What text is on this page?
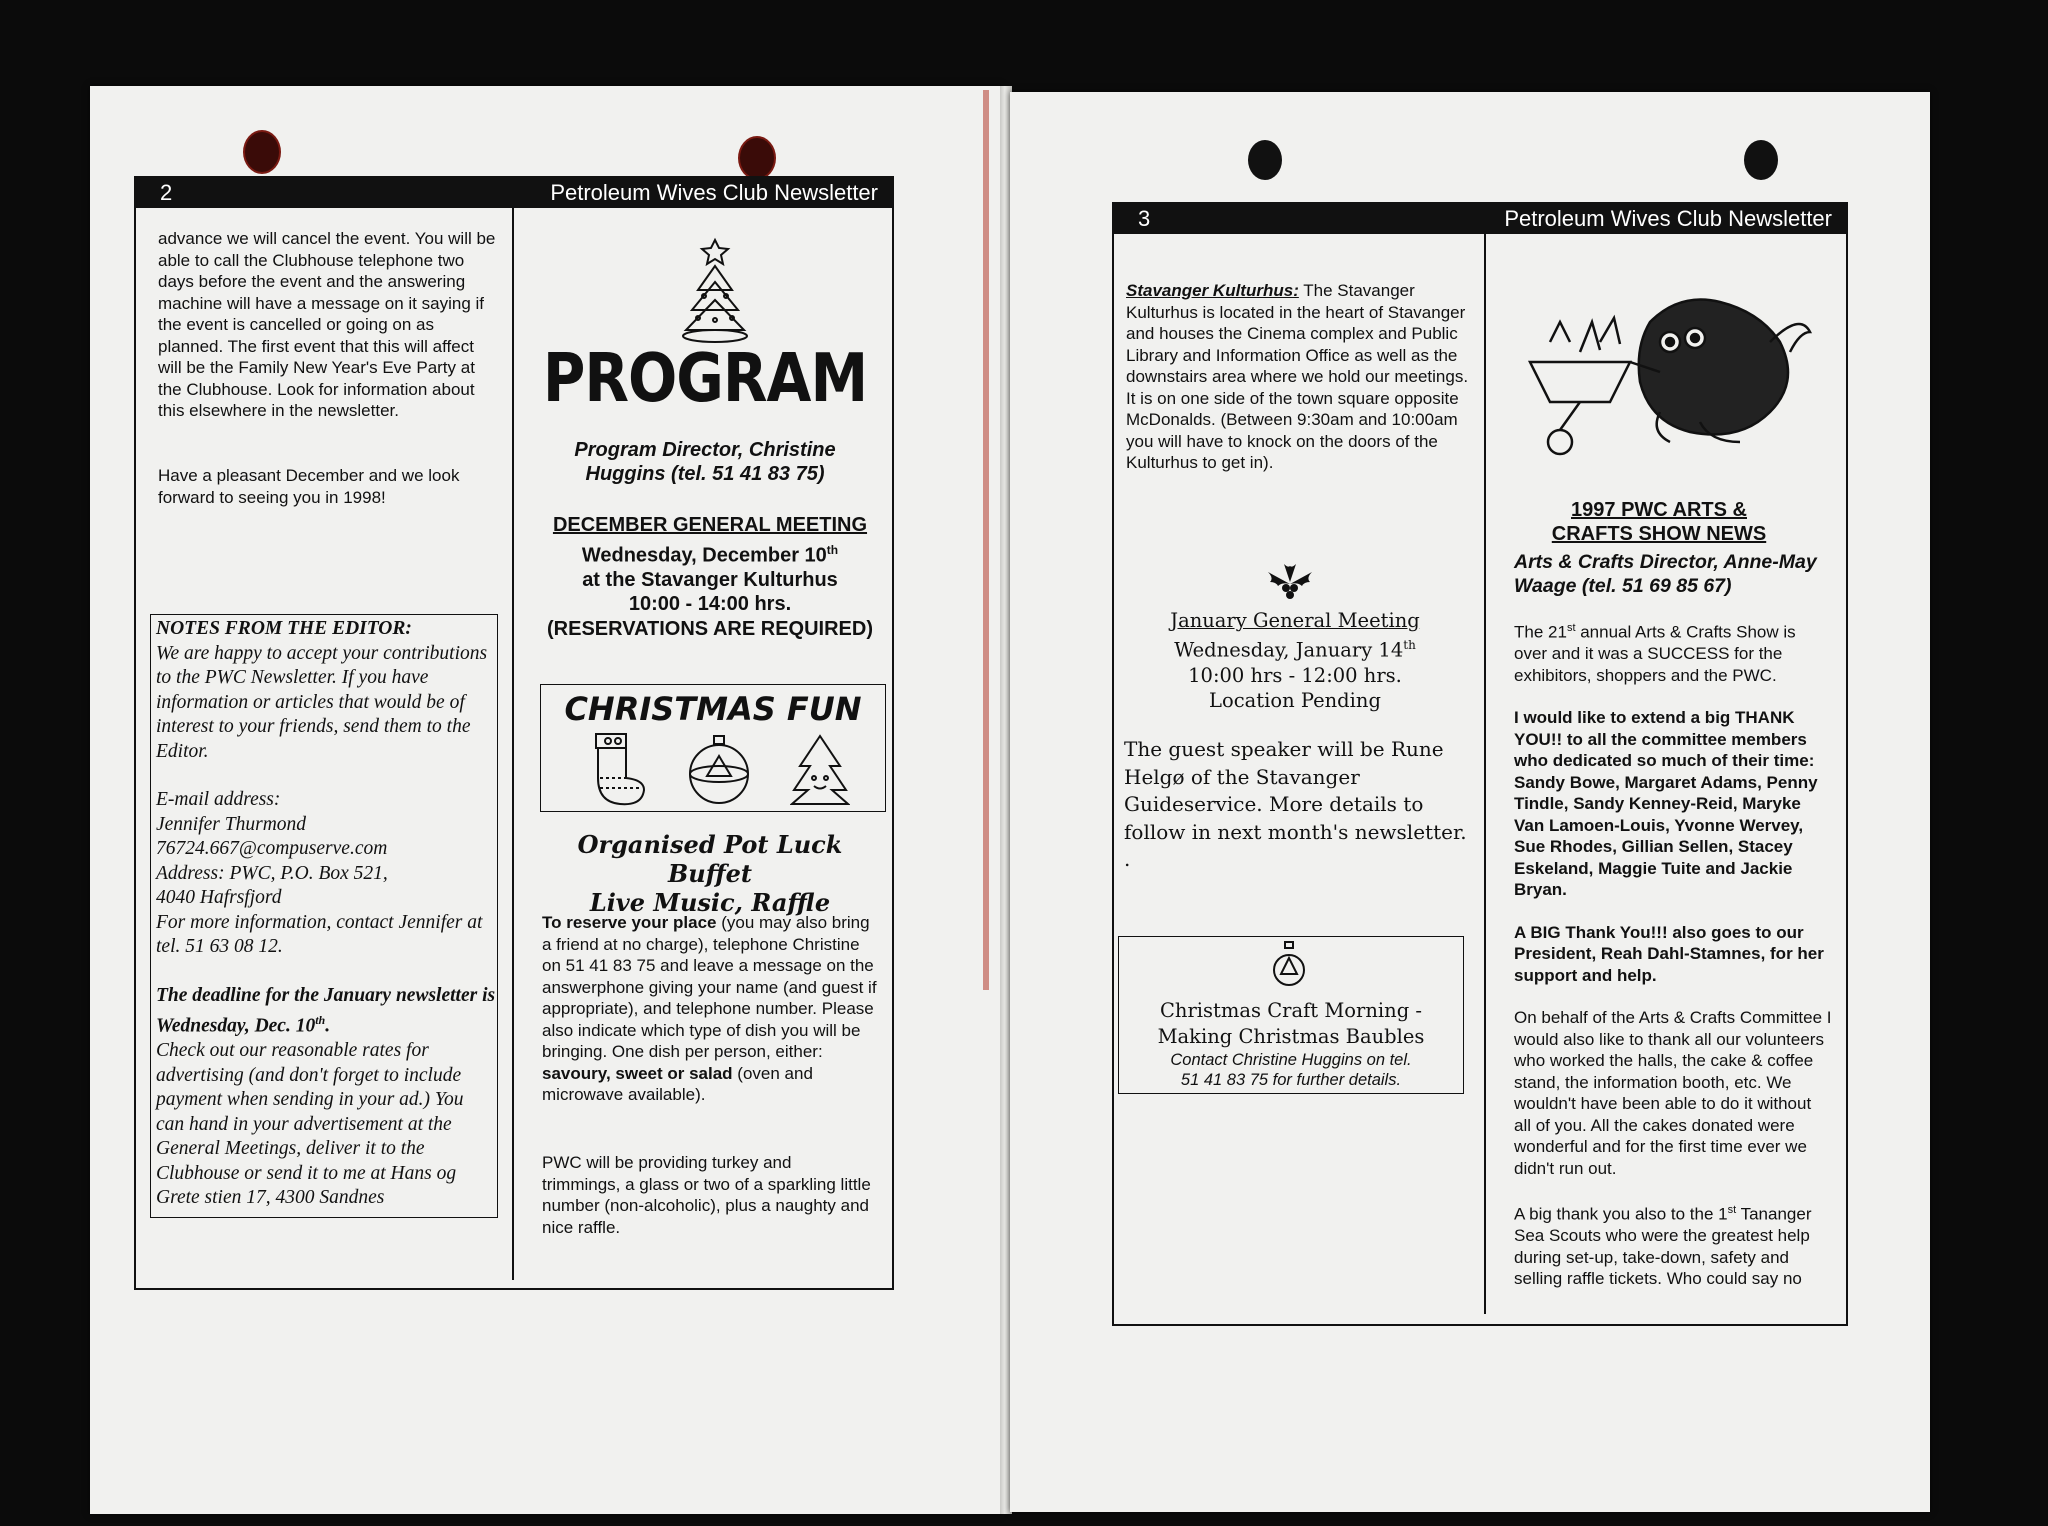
2	Petroleum Wives Club Newsletter

advance we will cancel the event. You will be able to call the Clubhouse telephone two days before the event and the answering machine will have a message on it saying if the event is cancelled or going on as planned. The first event that this will affect will be the Family New Year's Eve Party at the Clubhouse. Look for information about this elsewhere in the newsletter.

Have a pleasant December and we look forward to seeing you in 1998!

NOTES FROM THE EDITOR:

We are happy to accept your contributions to the PWC Newsletter. If you have information or articles that would be of interest to your friends, send them to the Editor.

E-mail address:

Jennifer Thurmond

76724.667@compuserve.com

Address: PWC, P.O. Box 521,

4040 Hafrsfjord

For more information, contact Jennifer at tel. 51 63 08 12.

The deadline for the January newsletter is Wednesday, Dec. 10th.

Check out our reasonable rates for advertising (and don't forget to include payment when sending in your ad.) You can hand in your advertisement at the General Meetings, deliver it to the Clubhouse or send it to me at Hans og Grete stien 17, 4300 Sandnes

PROGRAM
Program Director, Christine Huggins (tel. 51 41 83 75)

DECEMBER GENERAL MEETING

Wednesday, December 10th

at the Stavanger Kulturhus

10:00 - 14:00 hrs.

(RESERVATIONS ARE REQUIRED)

CHRISTMAS FUN

Organised Pot Luck Buffet

Live Music, Raffle

To reserve your place (you may also bring a friend at no charge), telephone Christine on 51 41 83 75 and leave a message on the answerphone giving your name (and guest if appropriate), and telephone number. Please also indicate which type of dish you will be bringing. One dish per person, either: savoury, sweet or salad (oven and microwave available).

PWC will be providing turkey and trimmings, a glass or two of a sparkling little number (non-alcoholic), plus a naughty and nice raffle.

3	Petroleum Wives Club Newsletter

Stavanger Kulturhus: The Stavanger Kulturhus is located in the heart of Stavanger and houses the Cinema complex and Public Library and Information Office as well as the downstairs area where we hold our meetings. It is on one side of the town square opposite McDonalds. (Between 9:30am and 10:00am you will have to knock on the doors of the Kulturhus to get in).

January General Meeting

Wednesday, January 14th

10:00 hrs - 12:00 hrs.

Location Pending

The guest speaker will be Rune Helgø of the Stavanger Guideservice. More details to follow in next month's newsletter.

.

Christmas Craft Morning -

Making Christmas Baubles

Contact Christine Huggins on tel.

51 41 83 75 for further details.

1997 PWC ARTS &

CRAFTS SHOW NEWS

Arts & Crafts Director, Anne-May Waage (tel. 51 69 85 67)

The 21st annual Arts & Crafts Show is over and it was a SUCCESS for the exhibitors, shoppers and the PWC.

I would like to extend a big THANK YOU!! to all the committee members who dedicated so much of their time: Sandy Bowe, Margaret Adams, Penny Tindle, Sandy Kenney-Reid, Maryke Van Lamoen-Louis, Yvonne Wervey, Sue Rhodes, Gillian Sellen, Stacey Eskeland, Maggie Tuite and Jackie Bryan.

A BIG Thank You!!! also goes to our President, Reah Dahl-Stamnes, for her support and help.

On behalf of the Arts & Crafts Committee I would also like to thank all our volunteers who worked the halls, the cake & coffee stand, the information booth, etc. We wouldn't have been able to do it without all of you. All the cakes donated were wonderful and for the first time ever we didn't run out.

A big thank you also to the 1st Tananger Sea Scouts who were the greatest help during set-up, take-down, safety and selling raffle tickets. Who could say no
